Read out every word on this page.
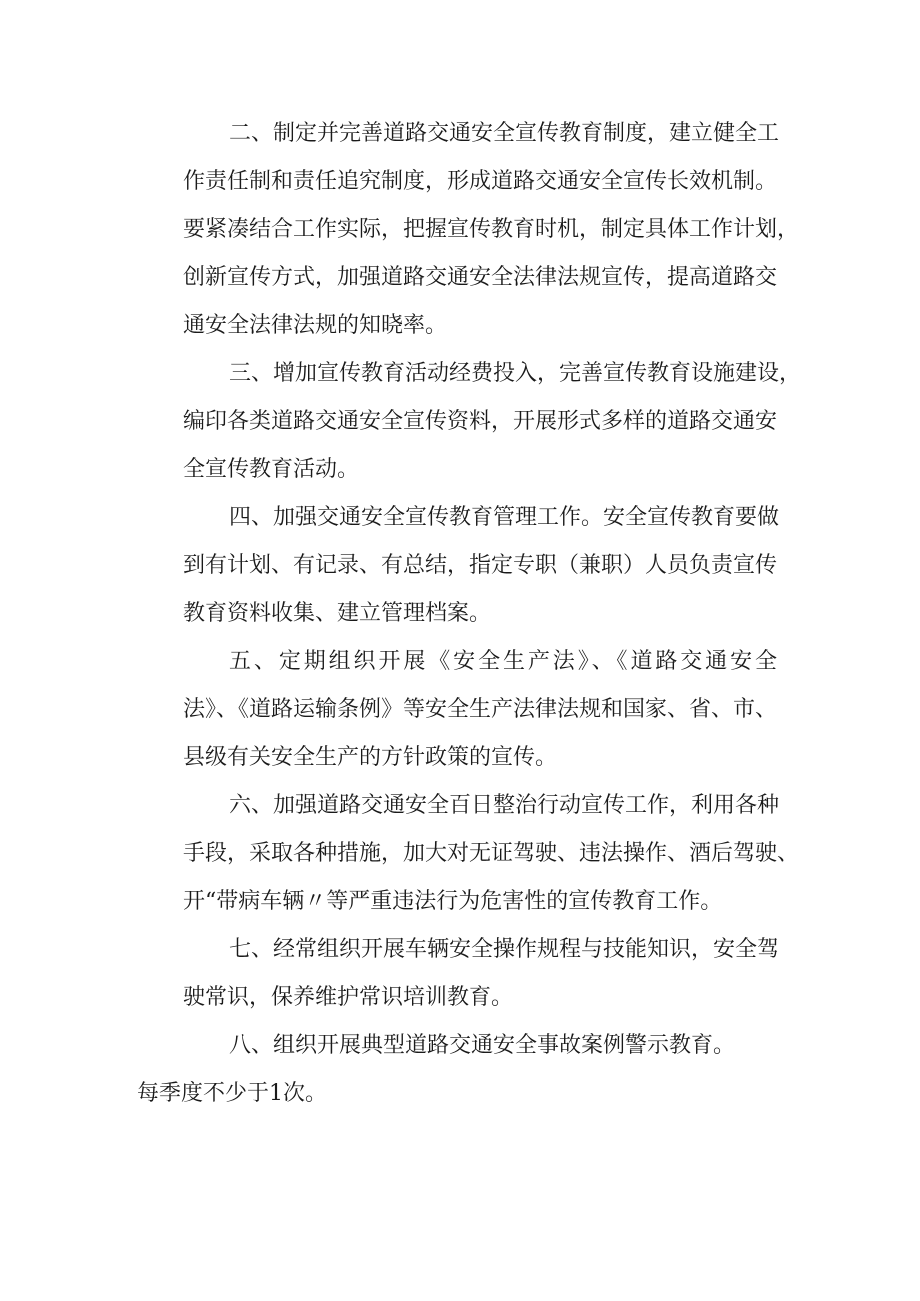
二、制定并完善道路交通安全宣传教育制度，建立健全工
作责任制和责任追究制度，形成道路交通安全宣传长效机制。
要紧凑结合工作实际，把握宣传教育时机，制定具体工作计划，
创新宣传方式，加强道路交通安全法律法规宣传，提高道路交
通安全法律法规的知晓率。
三、增加宣传教育活动经费投入，完善宣传教育设施建设，
编印各类道路交通安全宣传资料，开展形式多样的道路交通安
全宣传教育活动。
四、加强交通安全宣传教育管理工作。安全宣传教育要做
到有计划、有记录、有总结，指定专职（兼职）人员负责宣传
教育资料收集、建立管理档案。
五、定期组织开展《安全生产法》、《道路交通安全
法》、《道路运输条例》等安全生产法律法规和国家、省、市、
县级有关安全生产的方针政策的宣传。
六、加强道路交通安全百日整治行动宣传工作，利用各种
手段，采取各种措施，加大对无证驾驶、违法操作、酒后驾驶、
开“带病车辆〃等严重违法行为危害性的宣传教育工作。
七、经常组织开展车辆安全操作规程与技能知识，安全驾
驶常识，保养维护常识培训教育。
八、组织开展典型道路交通安全事故案例警示教育。

每季度不少于1次。
